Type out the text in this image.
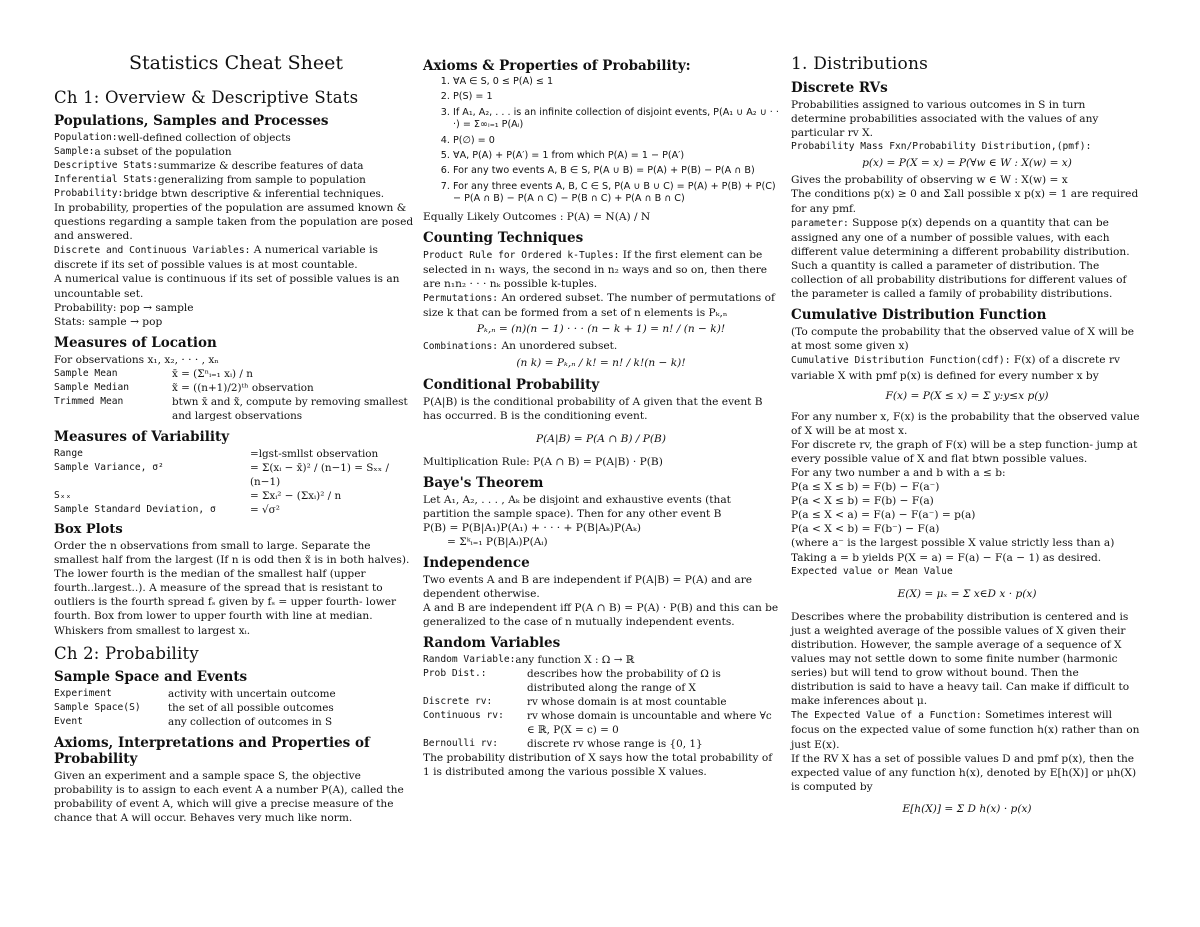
Statistics Cheat Sheet
Ch 1: Overview & Descriptive Stats
Populations, Samples and Processes
Population: well-defined collection of objects
Sample: a subset of the population
Descriptive Stats: summarize & describe features of data
Inferential Stats: generalizing from sample to population
Probability: bridge btwn descriptive & inferential techniques.

In probability, properties of the population are assumed known & questions regarding a sample taken from the population are posed and answered.

Discrete and Continuous Variables: A numerical variable is discrete if its set of possible values is at most countable.

A numerical value is continuous if its set of possible values is an uncountable set.

Probability: pop → sample

Stats: sample → pop

Measures of Location

For observations x₁, x₂, · · · , xₙ

Sample Mean	x̄ = (Σⁿᵢ₌₁ xᵢ) / n
Sample Median	x̃ = ((n+1)/2)ᵗʰ observation
Trimmed Mean	btwn x̄ and x̃, compute by removing smallest and largest observations
Measures of Variability
Range	=lgst-smllst observation
Sample Variance, σ²	= Σ(xᵢ − x̄)² / (n−1) = Sₓₓ / (n−1)
Sₓₓ	= Σxᵢ² − (Σxᵢ)² / n
Sample Standard Deviation, σ	= √σ²
Box Plots

Order the n observations from small to large. Separate the smallest half from the largest (If n is odd then x̃ is in both halves). The lower fourth is the median of the smallest half (upper fourth..largest..). A measure of the spread that is resistant to outliers is the fourth spread fₛ given by fₛ = upper fourth- lower fourth. Box from lower to upper fourth with line at median. Whiskers from smallest to largest xᵢ.

Ch 2: Probability
Sample Space and Events
Experiment	activity with uncertain outcome
Sample Space(S)	the set of all possible outcomes
Event	any collection of outcomes in S
Axioms, Interpretations and Properties of Probability

Given an experiment and a sample space S, the objective probability is to assign to each event A a number P(A), called the probability of event A, which will give a precise measure of the chance that A will occur. Behaves very much like norm.

Axioms & Properties of Probability:
1. ∀A ∈ S, 0 ≤ P(A) ≤ 1
2. P(S) = 1
3. If A₁, A₂, . . . is an infinite collection of disjoint events, P(A₁ ∪ A₂ ∪ · · ·) = Σ∞ᵢ₌₁ P(Aᵢ)
4. P(∅) = 0
5. ∀A, P(A) + P(A′) = 1 from which P(A) = 1 − P(A′)
6. For any two events A, B ∈ S, P(A ∪ B) = P(A) + P(B) − P(A ∩ B)
7. For any three events A, B, C ∈ S, P(A ∪ B ∪ C) = P(A) + P(B) + P(C) − P(A ∩ B) − P(A ∩ C) − P(B ∩ C) + P(A ∩ B ∩ C)

Equally Likely Outcomes : P(A) = N(A) / N

Counting Techniques

Product Rule for Ordered k-Tuples: If the first element can be selected in n₁ ways, the second in n₂ ways and so on, then there are n₁n₂ · · · nₖ possible k-tuples.

Permutations: An ordered subset. The number of permutations of size k that can be formed from a set of n elements is Pₖ,ₙ

Pₖ,ₙ = (n)(n − 1) · · · (n − k + 1) = n! / (n − k)!

Combinations: An unordered subset.

(n k) = Pₖ,ₙ / k! = n! / k!(n − k)!
Conditional Probability

P(A|B) is the conditional probability of A given that the event B has occurred. B is the conditioning event.

P(A|B) = P(A ∩ B) / P(B)

Multiplication Rule: P(A ∩ B) = P(A|B) · P(B)

Baye's Theorem

Let A₁, A₂, . . . , Aₖ be disjoint and exhaustive events (that partition the sample space). Then for any other event B

P(B) = P(B|A₁)P(A₁) + · · · + P(B|Aₖ)P(Aₖ)

= Σᵏᵢ₌₁ P(B|Aᵢ)P(Aᵢ)

Independence

Two events A and B are independent if P(A|B) = P(A) and are dependent otherwise.

A and B are independent iff P(A ∩ B) = P(A) · P(B) and this can be generalized to the case of n mutually independent events.

Random Variables
Random Variable: any function X : Ω → ℝ
Prob Dist.:	describes how the probability of Ω is distributed along the range of X
Discrete rv:	rv whose domain is at most countable
Continuous rv:	rv whose domain is uncountable and where ∀c ∈ ℝ, P(X = c) = 0
Bernoulli rv:	discrete rv whose range is {0, 1}

The probability distribution of X says how the total probability of 1 is distributed among the various possible X values.

1. Distributions
Discrete RVs

Probabilities assigned to various outcomes in S in turn determine probabilities associated with the values of any particular rv X.

Probability Mass Fxn/Probability Distribution,(pmf):

p(x) = P(X = x) = P(∀w ∈ W : X(w) = x)

Gives the probability of observing w ∈ W : X(w) = x

The conditions p(x) ≥ 0 and Σall possible x p(x) = 1 are required for any pmf.

parameter: Suppose p(x) depends on a quantity that can be assigned any one of a number of possible values, with each different value determining a different probability distribution. Such a quantity is called a parameter of distribution. The collection of all probability distributions for different values of the parameter is called a family of probability distributions.

Cumulative Distribution Function

(To compute the probability that the observed value of X will be at most some given x)

Cumulative Distribution Function(cdf): F(x) of a discrete rv variable X with pmf p(x) is defined for every number x by

F(x) = P(X ≤ x) = Σ y:y≤x p(y)

For any number x, F(x) is the probability that the observed value of X will be at most x.

For discrete rv, the graph of F(x) will be a step function- jump at every possible value of X and flat btwn possible values.

For any two number a and b with a ≤ b:

P(a ≤ X ≤ b) = F(b) − F(a⁻)

P(a < X ≤ b) = F(b) − F(a)

P(a ≤ X < a) = F(a) − F(a⁻) = p(a)

P(a < X < b) = F(b⁻) − F(a)

(where a⁻ is the largest possible X value strictly less than a)

Taking a = b yields P(X = a) = F(a) − F(a − 1) as desired.

Expected value or Mean Value

E(X) = μₓ = Σ x∈D x · p(x)

Describes where the probability distribution is centered and is just a weighted average of the possible values of X given their distribution. However, the sample average of a sequence of X values may not settle down to some finite number (harmonic series) but will tend to grow without bound. Then the distribution is said to have a heavy tail. Can make if difficult to make inferences about μ.

The Expected Value of a Function: Sometimes interest will focus on the expected value of some function h(x) rather than on just E(x).

If the RV X has a set of possible values D and pmf p(x), then the expected value of any function h(x), denoted by E[h(X)] or μh(X) is computed by

E[h(X)] = Σ D h(x) · p(x)
